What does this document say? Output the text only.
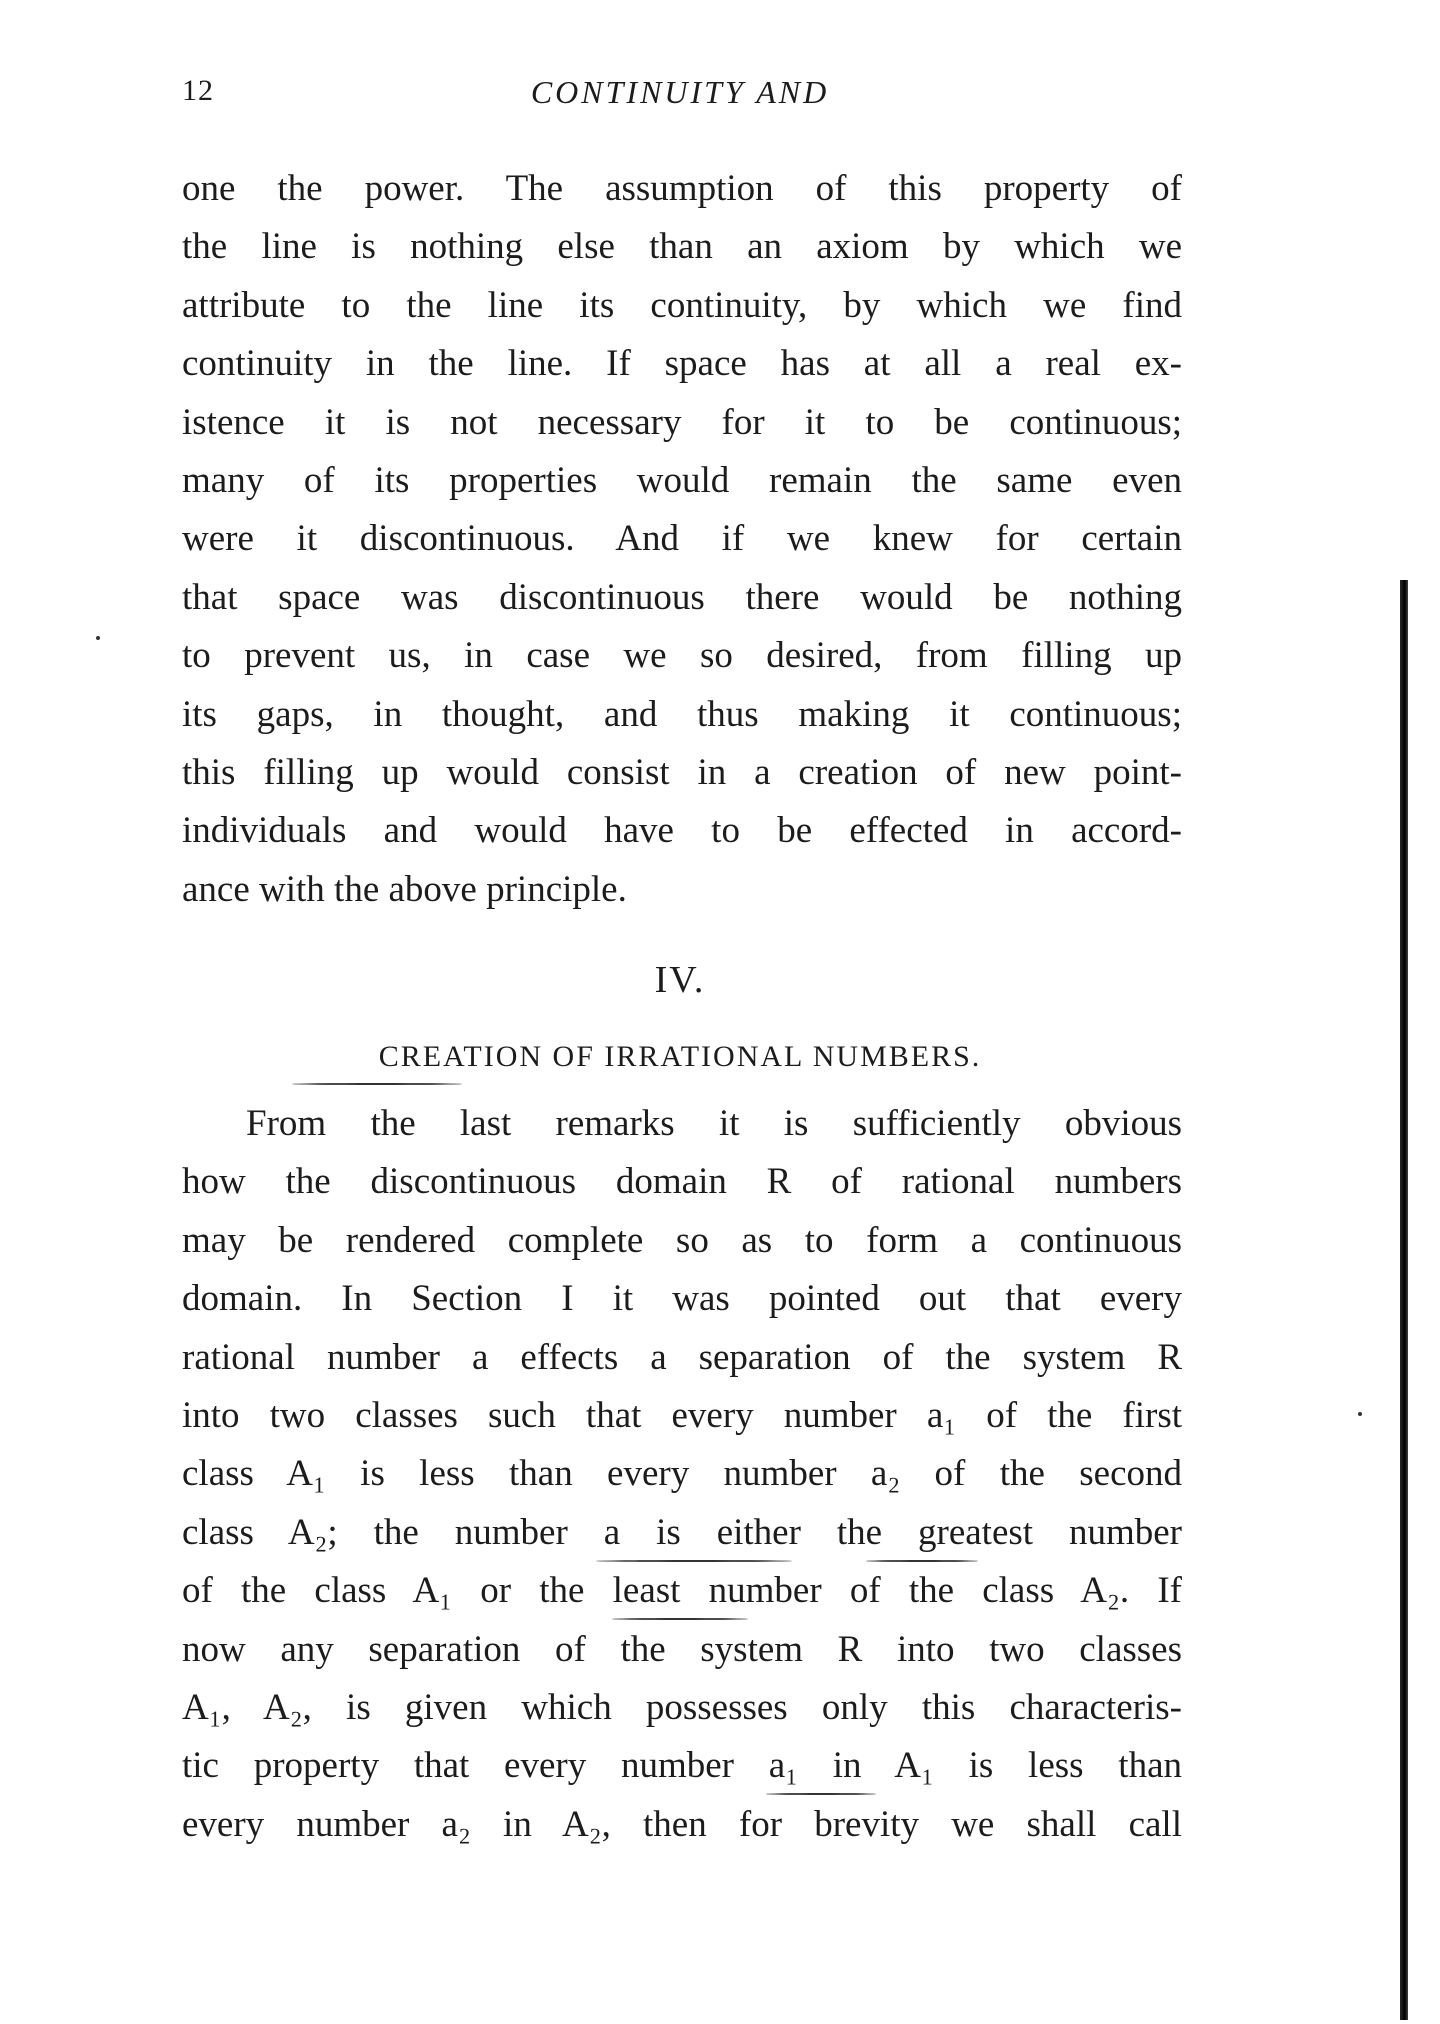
12	CONTINUITY AND
one the power. The assumption of this property of
the line is nothing else than an axiom by which we
attribute to the line its continuity, by which we find
continuity in the line. If space has at all a real ex-
istence it is not necessary for it to be continuous;
many of its properties would remain the same even
were it discontinuous. And if we knew for certain
that space was discontinuous there would be nothing
to prevent us, in case we so desired, from filling up
its gaps, in thought, and thus making it continuous;
this filling up would consist in a creation of new point-
individuals and would have to be effected in accord-
ance with the above principle.
IV.
CREATION OF IRRATIONAL NUMBERS.
From the last remarks it is sufficiently obvious
how the discontinuous domain R of rational numbers
may be rendered complete so as to form a continuous
domain. In Section I it was pointed out that every
rational number a effects a separation of the system R
into two classes such that every number a₁ of the first
class A₁ is less than every number a₂ of the second
class A₂; the number a is either the greatest number
of the class A₁ or the least number of the class A₂. If
now any separation of the system R into two classes
A₁, A₂, is given which possesses only this characteris-
tic property that every number a₁ in A₁ is less than
every number a₂ in A₂, then for brevity we shall call
